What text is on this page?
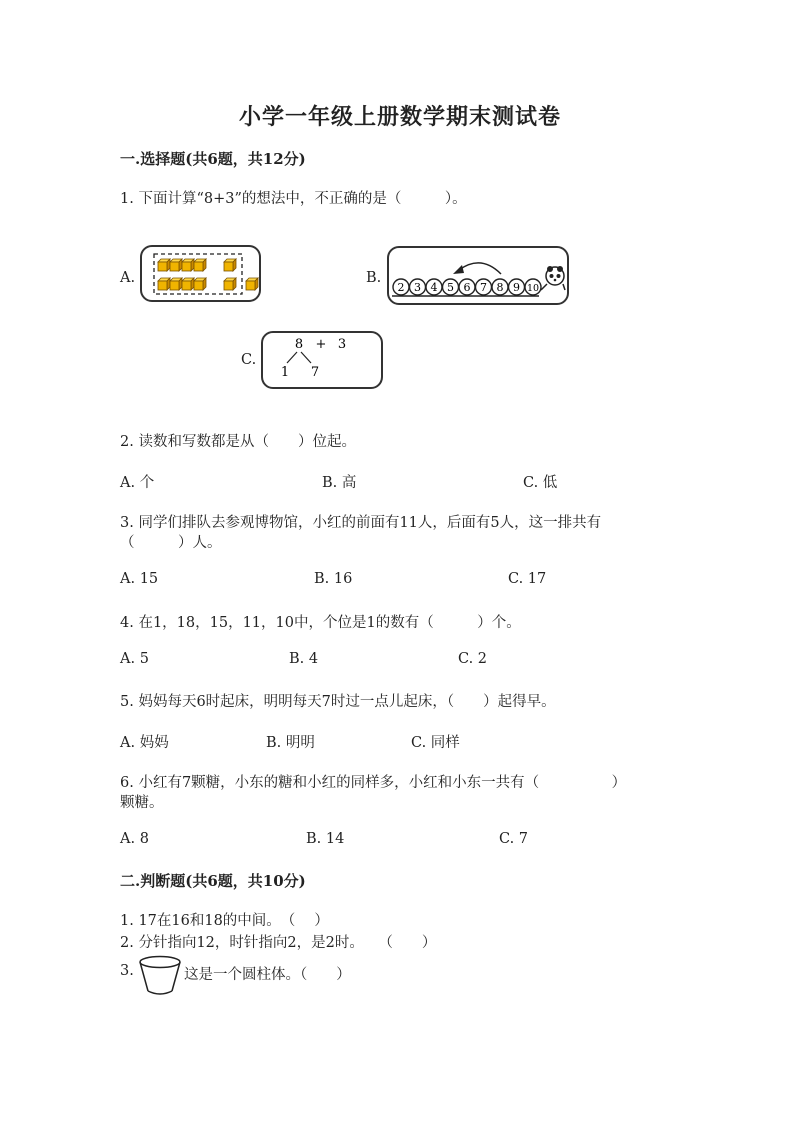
小学一年级上册数学期末测试卷
一.选择题(共6题，共12分)
1. 下面计算“8+3”的想法中，不正确的是（　　　）。
A.	B.
2 3 4 5 6 7 8 9 10
C.
8 + 3
1 7
2. 读数和写数都是从（　　）位起。
A. 个	B. 高	C. 低
3. 同学们排队去参观博物馆，小红的前面有11人，后面有5人，这一排共有
（　　　）人。
A. 15	B. 16	C. 17
4. 在1，18，15，11，10中，个位是1的数有（　　　）个。
A. 5	B. 4	C. 2
5. 妈妈每天6时起床，明明每天7时过一点儿起床，（　　）起得早。
A. 妈妈	B. 明明	C. 同样
6. 小红有7颗糖，小东的糖和小红的同样多，小红和小东一共有（　　　　　）
颗糖。
A. 8	B. 14	C. 7
二.判断题(共6题，共10分)
1. 17在16和18的中间。　（　 ）
2. 分针指向12，时针指向2，是2时。　　（　　）
3.	这是一个圆柱体。（　　）
